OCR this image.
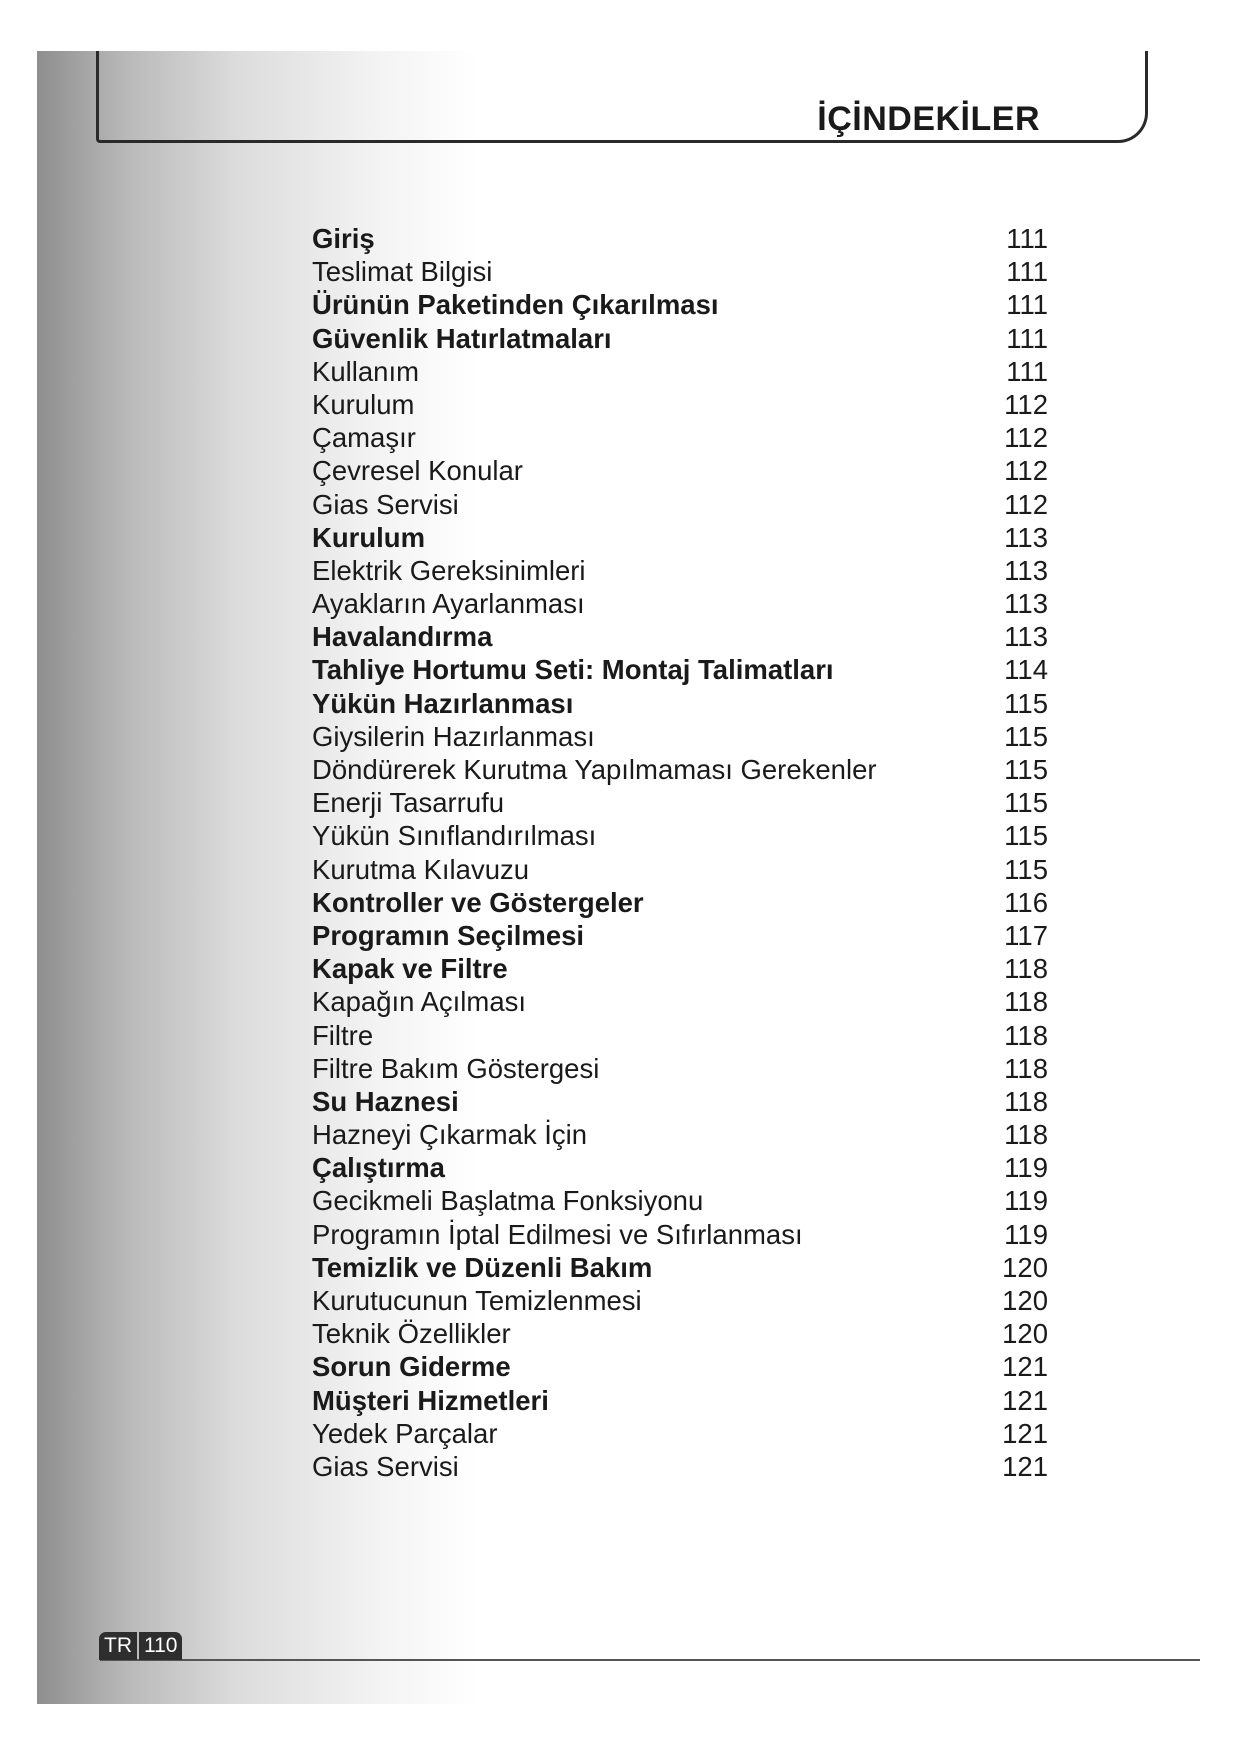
İÇİNDEKİLER
Giriş	111
Teslimat Bilgisi	111
Ürünün Paketinden Çıkarılması	111
Güvenlik Hatırlatmaları	111
Kullanım	111
Kurulum	112
Çamaşır	112
Çevresel Konular	112
Gias Servisi	112
Kurulum	113
Elektrik Gereksinimleri	113
Ayakların Ayarlanması	113
Havalandırma	113
Tahliye Hortumu Seti: Montaj Talimatları	114
Yükün Hazırlanması	115
Giysilerin Hazırlanması	115
Döndürerek Kurutma Yapılmaması Gerekenler	115
Enerji Tasarrufu	115
Yükün Sınıflandırılması	115
Kurutma Kılavuzu	115
Kontroller ve Göstergeler	116
Programın Seçilmesi	117
Kapak ve Filtre	118
Kapağın Açılması	118
Filtre	118
Filtre Bakım Göstergesi	118
Su Haznesi	118
Hazneyi Çıkarmak İçin	118
Çalıştırma	119
Gecikmeli Başlatma Fonksiyonu	119
Programın İptal Edilmesi ve Sıfırlanması	119
Temizlik ve Düzenli Bakım	120
Kurutucunun Temizlenmesi	120
Teknik Özellikler	120
Sorun Giderme	121
Müşteri Hizmetleri	121
Yedek Parçalar	121
Gias Servisi	121
TR 110
